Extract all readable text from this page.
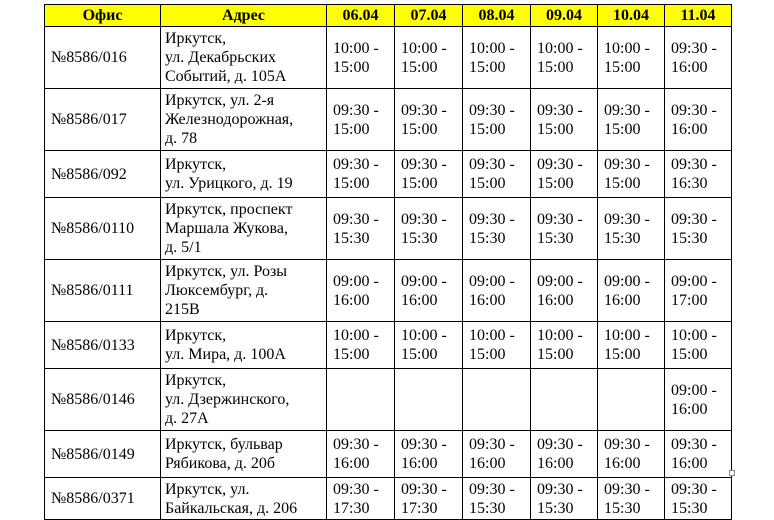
Офис	Адрес	06.04	07.04	08.04	09.04	10.04	11.04
№8586/016	Иркутск,
ул. Декабрьских
Событий, д. 105А	10:00 -
15:00	10:00 -
15:00	10:00 -
15:00	10:00 -
15:00	10:00 -
15:00	09:30 -
16:00
№8586/017	Иркутск, ул. 2-я
Железнодорожная,
д. 78	09:30 -
15:00	09:30 -
15:00	09:30 -
15:00	09:30 -
15:00	09:30 -
15:00	09:30 -
16:00
№8586/092	Иркутск,
ул. Урицкого, д. 19	09:30 -
15:00	09:30 -
15:00	09:30 -
15:00	09:30 -
15:00	09:30 -
15:00	09:30 -
16:30
№8586/0110	Иркутск, проспект
Маршала Жукова,
д. 5/1	09:30 -
15:30	09:30 -
15:30	09:30 -
15:30	09:30 -
15:30	09:30 -
15:30	09:30 -
15:30
№8586/0111	Иркутск, ул. Розы
Люксембург, д.
215В	09:00 -
16:00	09:00 -
16:00	09:00 -
16:00	09:00 -
16:00	09:00 -
16:00	09:00 -
17:00
№8586/0133	Иркутск,
ул. Мира, д. 100А	10:00 -
15:00	10:00 -
15:00	10:00 -
15:00	10:00 -
15:00	10:00 -
15:00	10:00 -
15:00
№8586/0146	Иркутск,
ул. Дзержинского,
д. 27А						09:00 -
16:00
№8586/0149	Иркутск, бульвар
Рябикова, д. 20б	09:30 -
16:00	09:30 -
16:00	09:30 -
16:00	09:30 -
16:00	09:30 -
16:00	09:30 -
16:00
№8586/0371	Иркутск, ул.
Байкальская, д. 206	09:30 -
17:30	09:30 -
17:30	09:30 -
15:30	09:30 -
15:30	09:30 -
15:30	09:30 -
15:30
